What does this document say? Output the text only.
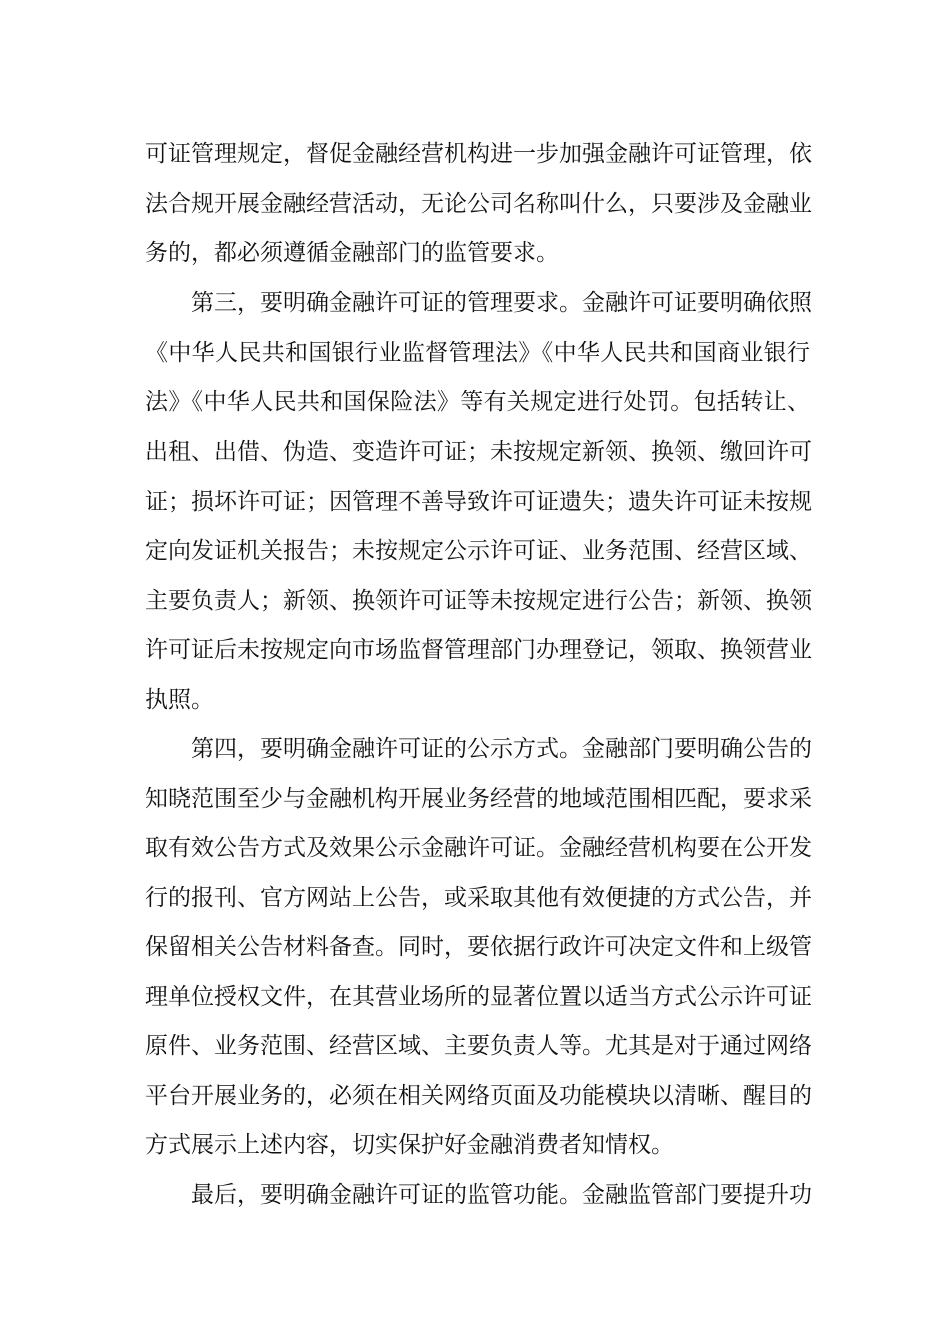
可证管理规定，督促金融经营机构进一步加强金融许可证管理，依
法合规开展金融经营活动，无论公司名称叫什么，只要涉及金融业
务的，都必须遵循金融部门的监管要求。
第三，要明确金融许可证的管理要求。金融许可证要明确依照
《中华人民共和国银行业监督管理法》《中华人民共和国商业银行
法》《中华人民共和国保险法》等有关规定进行处罚。包括转让、
出租、出借、伪造、变造许可证；未按规定新领、换领、缴回许可
证；损坏许可证；因管理不善导致许可证遗失；遗失许可证未按规
定向发证机关报告；未按规定公示许可证、业务范围、经营区域、
主要负责人；新领、换领许可证等未按规定进行公告；新领、换领
许可证后未按规定向市场监督管理部门办理登记，领取、换领营业
执照。
第四，要明确金融许可证的公示方式。金融部门要明确公告的
知晓范围至少与金融机构开展业务经营的地域范围相匹配，要求采
取有效公告方式及效果公示金融许可证。金融经营机构要在公开发
行的报刊、官方网站上公告，或采取其他有效便捷的方式公告，并
保留相关公告材料备查。同时，要依据行政许可决定文件和上级管
理单位授权文件，在其营业场所的显著位置以适当方式公示许可证
原件、业务范围、经营区域、主要负责人等。尤其是对于通过网络
平台开展业务的，必须在相关网络页面及功能模块以清晰、醒目的
方式展示上述内容，切实保护好金融消费者知情权。
最后，要明确金融许可证的监管功能。金融监管部门要提升功
